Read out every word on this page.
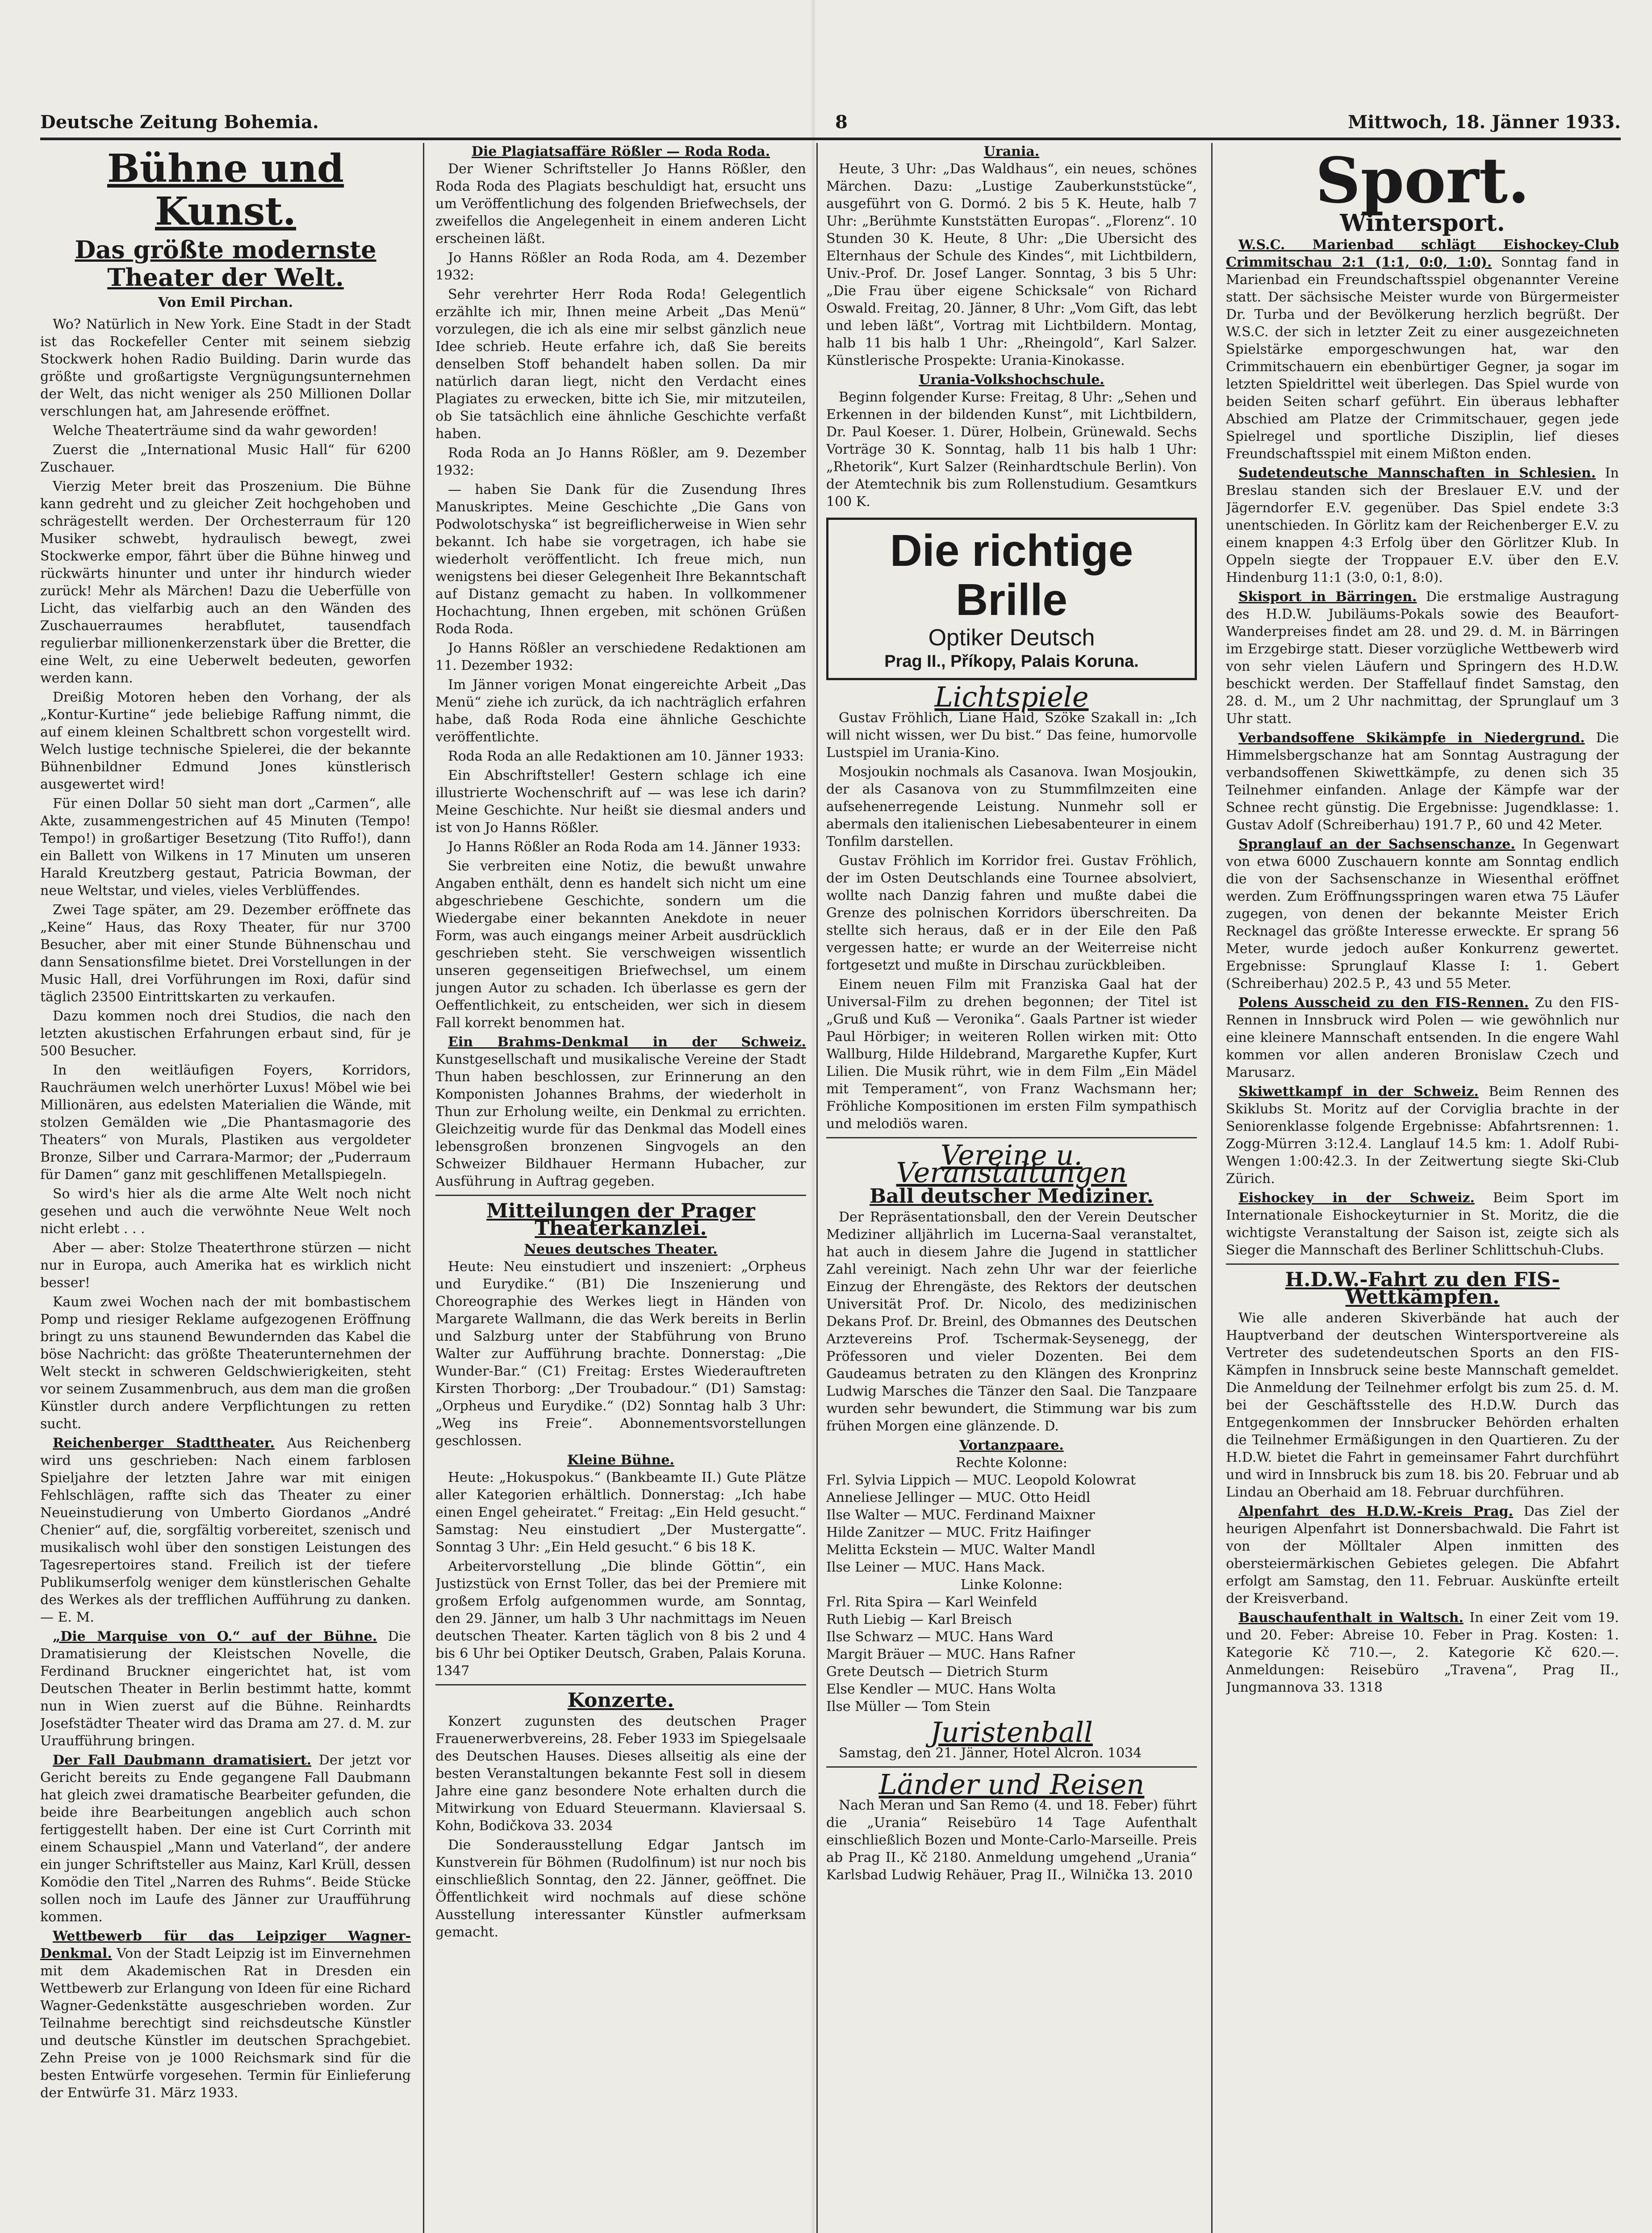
Deutsche Zeitung Bohemia.	8	Mittwoch, 18. Jänner 1933.
Bühne und Kunst.
Das größte modernste Theater der Welt.
Von Emil Pirchan.

Wo? Natürlich in New York. Eine Stadt in der Stadt ist das Rockefeller Center mit seinem siebzig Stockwerk hohen Radio Building. Darin wurde das größte und großartigste Vergnügungsunternehmen der Welt, das nicht weniger als 250 Millionen Dollar verschlungen hat, am Jahresende eröffnet.

Welche Theaterträume sind da wahr geworden!

Zuerst die „International Music Hall“ für 6200 Zuschauer.

Vierzig Meter breit das Proszenium. Die Bühne kann gedreht und zu gleicher Zeit hochgehoben und schrägestellt werden. Der Orchesterraum für 120 Musiker schwebt, hydraulisch bewegt, zwei Stockwerke empor, fährt über die Bühne hinweg und rückwärts hinunter und unter ihr hindurch wieder zurück! Mehr als Märchen! Dazu die Ueberfülle von Licht, das vielfarbig auch an den Wänden des Zuschauerraumes herabflutet, tausendfach regulierbar millionenkerzenstark über die Bretter, die eine Welt, zu eine Ueberwelt bedeuten, geworfen werden kann.

Dreißig Motoren heben den Vorhang, der als „Kontur-Kurtine“ jede beliebige Raffung nimmt, die auf einem kleinen Schaltbrett schon vorgestellt wird. Welch lustige technische Spielerei, die der bekannte Bühnenbildner Edmund Jones künstlerisch ausgewertet wird!

Für einen Dollar 50 sieht man dort „Carmen“, alle Akte, zusammengestrichen auf 45 Minuten (Tempo! Tempo!) in großartiger Besetzung (Tito Ruffo!), dann ein Ballett von Wilkens in 17 Minuten um unseren Harald Kreutzberg gestaut, Patricia Bowman, der neue Weltstar, und vieles, vieles Verblüffendes.

Zwei Tage später, am 29. Dezember eröffnete das „Keine“ Haus, das Roxy Theater, für nur 3700 Besucher, aber mit einer Stunde Bühnenschau und dann Sensationsfilme bietet. Drei Vorstellungen in der Music Hall, drei Vorführungen im Roxi, dafür sind täglich 23500 Eintrittskarten zu verkaufen.

Dazu kommen noch drei Studios, die nach den letzten akustischen Erfahrungen erbaut sind, für je 500 Besucher.

In den weitläufigen Foyers, Korridors, Rauchräumen welch unerhörter Luxus! Möbel wie bei Millionären, aus edelsten Materialien die Wände, mit stolzen Gemälden wie „Die Phantasmagorie des Theaters“ von Murals, Plastiken aus vergoldeter Bronze, Silber und Carrara-Marmor; der „Puderraum für Damen“ ganz mit geschliffenen Metallspiegeln.

So wird's hier als die arme Alte Welt noch nicht gesehen und auch die verwöhnte Neue Welt noch nicht erlebt . . .

Aber — aber: Stolze Theaterthrone stürzen — nicht nur in Europa, auch Amerika hat es wirklich nicht besser!

Kaum zwei Wochen nach der mit bombastischem Pomp und riesiger Reklame aufgezogenen Eröffnung bringt zu uns staunend Bewundernden das Kabel die böse Nachricht: das größte Theaterunternehmen der Welt steckt in schweren Geldschwierigkeiten, steht vor seinem Zusammenbruch, aus dem man die großen Künstler durch andere Verpflichtungen zu retten sucht.

Reichenberger Stadttheater. Aus Reichenberg wird uns geschrieben: Nach einem farblosen Spieljahre der letzten Jahre war mit einigen Fehlschlägen, raffte sich das Theater zu einer Neueinstudierung von Umberto Giordanos „André Chenier“ auf, die, sorgfältig vorbereitet, szenisch und musikalisch wohl über den sonstigen Leistungen des Tagesrepertoires stand. Freilich ist der tiefere Publikumserfolg weniger dem künstlerischen Gehalte des Werkes als der trefflichen Aufführung zu danken. — E. M.

„Die Marquise von O.“ auf der Bühne. Die Dramatisierung der Kleistschen Novelle, die Ferdinand Bruckner eingerichtet hat, ist vom Deutschen Theater in Berlin bestimmt hatte, kommt nun in Wien zuerst auf die Bühne. Reinhardts Josefstädter Theater wird das Drama am 27. d. M. zur Uraufführung bringen.

Der Fall Daubmann dramatisiert. Der jetzt vor Gericht bereits zu Ende gegangene Fall Daubmann hat gleich zwei dramatische Bearbeiter gefunden, die beide ihre Bearbeitungen angeblich auch schon fertiggestellt haben. Der eine ist Curt Corrinth mit einem Schauspiel „Mann und Vaterland“, der andere ein junger Schriftsteller aus Mainz, Karl Krüll, dessen Komödie den Titel „Narren des Ruhms“. Beide Stücke sollen noch im Laufe des Jänner zur Uraufführung kommen.

Wettbewerb für das Leipziger Wagner-Denkmal. Von der Stadt Leipzig ist im Einvernehmen mit dem Akademischen Rat in Dresden ein Wettbewerb zur Erlangung von Ideen für eine Richard Wagner-Gedenkstätte ausgeschrieben worden. Zur Teilnahme berechtigt sind reichsdeutsche Künstler und deutsche Künstler im deutschen Sprachgebiet. Zehn Preise von je 1000 Reichsmark sind für die besten Entwürfe vorgesehen. Termin für Einlieferung der Entwürfe 31. März 1933.

Die Plagiatsaffäre Rößler — Roda Roda.

Der Wiener Schriftsteller Jo Hanns Rößler, den Roda Roda des Plagiats beschuldigt hat, ersucht uns um Veröffentlichung des folgenden Briefwechsels, der zweifellos die Angelegenheit in einem anderen Licht erscheinen läßt.

Jo Hanns Rößler an Roda Roda, am 4. Dezember 1932:

Sehr verehrter Herr Roda Roda! Gelegentlich erzählte ich mir, Ihnen meine Arbeit „Das Menü“ vorzulegen, die ich als eine mir selbst gänzlich neue Idee schrieb. Heute erfahre ich, daß Sie bereits denselben Stoff behandelt haben sollen. Da mir natürlich daran liegt, nicht den Verdacht eines Plagiates zu erwecken, bitte ich Sie, mir mitzuteilen, ob Sie tatsächlich eine ähnliche Geschichte verfaßt haben.

Roda Roda an Jo Hanns Rößler, am 9. Dezember 1932:

— haben Sie Dank für die Zusendung Ihres Manuskriptes. Meine Geschichte „Die Gans von Podwolotschyska“ ist begreiflicherweise in Wien sehr bekannt. Ich habe sie vorgetragen, ich habe sie wiederholt veröffentlicht. Ich freue mich, nun wenigstens bei dieser Gelegenheit Ihre Bekanntschaft auf Distanz gemacht zu haben. In vollkommener Hochachtung, Ihnen ergeben, mit schönen Grüßen Roda Roda.

Jo Hanns Rößler an verschiedene Redaktionen am 11. Dezember 1932:

Im Jänner vorigen Monat eingereichte Arbeit „Das Menü“ ziehe ich zurück, da ich nachträglich erfahren habe, daß Roda Roda eine ähnliche Geschichte veröffentlichte.

Roda Roda an alle Redaktionen am 10. Jänner 1933:

Ein Abschriftsteller! Gestern schlage ich eine illustrierte Wochenschrift auf — was lese ich darin? Meine Geschichte. Nur heißt sie diesmal anders und ist von Jo Hanns Rößler.

Jo Hanns Rößler an Roda Roda am 14. Jänner 1933:

Sie verbreiten eine Notiz, die bewußt unwahre Angaben enthält, denn es handelt sich nicht um eine abgeschriebene Geschichte, sondern um die Wiedergabe einer bekannten Anekdote in neuer Form, was auch eingangs meiner Arbeit ausdrücklich geschrieben steht. Sie verschweigen wissentlich unseren gegenseitigen Briefwechsel, um einem jungen Autor zu schaden. Ich überlasse es gern der Oeffentlichkeit, zu entscheiden, wer sich in diesem Fall korrekt benommen hat.

Ein Brahms-Denkmal in der Schweiz. Kunstgesellschaft und musikalische Vereine der Stadt Thun haben beschlossen, zur Erinnerung an den Komponisten Johannes Brahms, der wiederholt in Thun zur Erholung weilte, ein Denkmal zu errichten. Gleichzeitig wurde für das Denkmal das Modell eines lebensgroßen bronzenen Singvogels an den Schweizer Bildhauer Hermann Hubacher, zur Ausführung in Auftrag gegeben.

Mitteilungen der Prager Theaterkanzlei.
Neues deutsches Theater.

Heute: Neu einstudiert und inszeniert: „Orpheus und Eurydike.“ (B1) Die Inszenierung und Choreographie des Werkes liegt in Händen von Margarete Wallmann, die das Werk bereits in Berlin und Salzburg unter der Stabführung von Bruno Walter zur Aufführung brachte. Donnerstag: „Die Wunder-Bar.“ (C1) Freitag: Erstes Wiederauftreten Kirsten Thorborg: „Der Troubadour.“ (D1) Samstag: „Orpheus und Eurydike.“ (D2) Sonntag halb 3 Uhr: „Weg ins Freie“. Abonnementsvorstellungen geschlossen.

Kleine Bühne.

Heute: „Hokuspokus.“ (Bankbeamte II.) Gute Plätze aller Kategorien erhältlich. Donnerstag: „Ich habe einen Engel geheiratet.“ Freitag: „Ein Held gesucht.“ Samstag: Neu einstudiert „Der Mustergatte“. Sonntag 3 Uhr: „Ein Held gesucht.“ 6 bis 18 K.

Arbeitervorstellung „Die blinde Göttin“, ein Justizstück von Ernst Toller, das bei der Premiere mit großem Erfolg aufgenommen wurde, am Sonntag, den 29. Jänner, um halb 3 Uhr nachmittags im Neuen deutschen Theater. Karten täglich von 8 bis 2 und 4 bis 6 Uhr bei Optiker Deutsch, Graben, Palais Koruna. 1347

Konzerte.

Konzert zugunsten des deutschen Prager Frauenerwerbvereins, 28. Feber 1933 im Spiegelsaale des Deutschen Hauses. Dieses allseitig als eine der besten Veranstaltungen bekannte Fest soll in diesem Jahre eine ganz besondere Note erhalten durch die Mitwirkung von Eduard Steuermann. Klaviersaal S. Kohn, Bodičkova 33. 2034

Die Sonderausstellung Edgar Jantsch im Kunstverein für Böhmen (Rudolfinum) ist nur noch bis einschließlich Sonntag, den 22. Jänner, geöffnet. Die Öffentlichkeit wird nochmals auf diese schöne Ausstellung interessanter Künstler aufmerksam gemacht.

Urania.

Heute, 3 Uhr: „Das Waldhaus“, ein neues, schönes Märchen. Dazu: „Lustige Zauberkunststücke“, ausgeführt von G. Dormó. 2 bis 5 K. Heute, halb 7 Uhr: „Berühmte Kunststätten Europas“. „Florenz“. 10 Stunden 30 K. Heute, 8 Uhr: „Die Ubersicht des Elternhaus der Schule des Kindes“, mit Lichtbildern, Univ.-Prof. Dr. Josef Langer. Sonntag, 3 bis 5 Uhr: „Die Frau über eigene Schicksale“ von Richard Oswald. Freitag, 20. Jänner, 8 Uhr: „Vom Gift, das lebt und leben läßt“, Vortrag mit Lichtbildern. Montag, halb 11 bis halb 1 Uhr: „Rheingold“, Karl Salzer. Künstlerische Prospekte: Urania-Kinokasse.

Urania-Volkshochschule.

Beginn folgender Kurse: Freitag, 8 Uhr: „Sehen und Erkennen in der bildenden Kunst“, mit Lichtbildern, Dr. Paul Koeser. 1. Dürer, Holbein, Grünewald. Sechs Vorträge 30 K. Sonntag, halb 11 bis halb 1 Uhr: „Rhetorik“, Kurt Salzer (Reinhardtschule Berlin). Von der Atemtechnik bis zum Rollenstudium. Gesamtkurs 100 K.

Die richtige Brille
Optiker Deutsch
Prag II., Příkopy, Palais Koruna.
Lichtspiele

Gustav Fröhlich, Liane Haid, Szöke Szakall in: „Ich will nicht wissen, wer Du bist.“ Das feine, humorvolle Lustspiel im Urania-Kino.

Mosjoukin nochmals als Casanova. Iwan Mosjoukin, der als Casanova von zu Stummfilmzeiten eine aufsehenerregende Leistung. Nunmehr soll er abermals den italienischen Liebesabenteurer in einem Tonfilm darstellen.

Gustav Fröhlich im Korridor frei. Gustav Fröhlich, der im Osten Deutschlands eine Tournee absolviert, wollte nach Danzig fahren und mußte dabei die Grenze des polnischen Korridors überschreiten. Da stellte sich heraus, daß er in der Eile den Paß vergessen hatte; er wurde an der Weiterreise nicht fortgesetzt und mußte in Dirschau zurückbleiben.

Einem neuen Film mit Franziska Gaal hat der Universal-Film zu drehen begonnen; der Titel ist „Gruß und Kuß — Veronika“. Gaals Partner ist wieder Paul Hörbiger; in weiteren Rollen wirken mit: Otto Wallburg, Hilde Hildebrand, Margarethe Kupfer, Kurt Lilien. Die Musik rührt, wie in dem Film „Ein Mädel mit Temperament“, von Franz Wachsmann her; Fröhliche Kompositionen im ersten Film sympathisch und melodiös waren.

Vereine u. Veranstaltungen
Ball deutscher Mediziner.

Der Repräsentationsball, den der Verein Deutscher Mediziner alljährlich im Lucerna-Saal veranstaltet, hat auch in diesem Jahre die Jugend in stattlicher Zahl vereinigt. Nach zehn Uhr war der feierliche Einzug der Ehrengäste, des Rektors der deutschen Universität Prof. Dr. Nicolo, des medizinischen Dekans Prof. Dr. Breinl, des Obmannes des Deutschen Arztevereins Prof. Tschermak-Seysenegg, der Pröfessoren und vieler Dozenten. Bei dem Gaudeamus betraten zu den Klängen des Kronprinz Ludwig Marsches die Tänzer den Saal. Die Tanzpaare wurden sehr bewundert, die Stimmung war bis zum frühen Morgen eine glänzende. D.

Vortanzpaare.
Rechte Kolonne:
Frl. Sylvia Lippich — MUC. Leopold Kolowrat
Anneliese Jellinger — MUC. Otto Heidl
Ilse Walter — MUC. Ferdinand Maixner
Hilde Zanitzer — MUC. Fritz Haifinger
Melitta Eckstein — MUC. Walter Mandl
Ilse Leiner — MUC. Hans Mack.
Linke Kolonne:
Frl. Rita Spira — Karl Weinfeld
Ruth Liebig — Karl Breisch
Ilse Schwarz — MUC. Hans Ward
Margit Bräuer — MUC. Hans Rafner
Grete Deutsch — Dietrich Sturm
Else Kendler — MUC. Hans Wolta
Ilse Müller — Tom Stein
Juristenball

Samstag, den 21. Jänner, Hotel Alcron. 1034

Länder und Reisen

Nach Meran und San Remo (4. und 18. Feber) führt die „Urania“ Reisebüro 14 Tage Aufenthalt einschließlich Bozen und Monte-Carlo-Marseille. Preis ab Prag II., Kč 2180. Anmeldung umgehend „Urania“ Karlsbad Ludwig Rehäuer, Prag II., Wilnička 13. 2010

Sport.
Wintersport.

W.S.C. Marienbad schlägt Eishockey-Club Crimmitschau 2:1 (1:1, 0:0, 1:0). Sonntag fand in Marienbad ein Freundschaftsspiel obgenannter Vereine statt. Der sächsische Meister wurde von Bürgermeister Dr. Turba und der Bevölkerung herzlich begrüßt. Der W.S.C. der sich in letzter Zeit zu einer ausgezeichneten Spielstärke emporgeschwungen hat, war den Crimmitschauern ein ebenbürtiger Gegner, ja sogar im letzten Spieldrittel weit überlegen. Das Spiel wurde von beiden Seiten scharf geführt. Ein überaus lebhafter Abschied am Platze der Crimmitschauer, gegen jede Spielregel und sportliche Disziplin, lief dieses Freundschaftsspiel mit einem Mißton enden.

Sudetendeutsche Mannschaften in Schlesien. In Breslau standen sich der Breslauer E.V. und der Jägerndorfer E.V. gegenüber. Das Spiel endete 3:3 unentschieden. In Görlitz kam der Reichenberger E.V. zu einem knappen 4:3 Erfolg über den Görlitzer Klub. In Oppeln siegte der Troppauer E.V. über den E.V. Hindenburg 11:1 (3:0, 0:1, 8:0).

Skisport in Bärringen. Die erstmalige Austragung des H.D.W. Jubiläums-Pokals sowie des Beaufort-Wanderpreises findet am 28. und 29. d. M. in Bärringen im Erzgebirge statt. Dieser vorzügliche Wettbewerb wird von sehr vielen Läufern und Springern des H.D.W. beschickt werden. Der Staffellauf findet Samstag, den 28. d. M., um 2 Uhr nachmittag, der Sprunglauf um 3 Uhr statt.

Verbandsoffene Skikämpfe in Niedergrund. Die Himmelsbergschanze hat am Sonntag Austragung der verbandsoffenen Skiwettkämpfe, zu denen sich 35 Teilnehmer einfanden. Anlage der Kämpfe war der Schnee recht günstig. Die Ergebnisse: Jugendklasse: 1. Gustav Adolf (Schreiberhau) 191.7 P., 60 und 42 Meter.

Spranglauf an der Sachsenschanze. In Gegenwart von etwa 6000 Zuschauern konnte am Sonntag endlich die von der Sachsenschanze in Wiesenthal eröffnet werden. Zum Eröffnungsspringen waren etwa 75 Läufer zugegen, von denen der bekannte Meister Erich Recknagel das größte Interesse erweckte. Er sprang 56 Meter, wurde jedoch außer Konkurrenz gewertet. Ergebnisse: Sprunglauf Klasse I: 1. Gebert (Schreiberhau) 202.5 P., 43 und 55 Meter.

Polens Ausscheid zu den FIS-Rennen. Zu den FIS-Rennen in Innsbruck wird Polen — wie gewöhnlich nur eine kleinere Mannschaft entsenden. In die engere Wahl kommen vor allen anderen Bronislaw Czech und Marusarz.

Skiwettkampf in der Schweiz. Beim Rennen des Skiklubs St. Moritz auf der Corviglia brachte in der Seniorenklasse folgende Ergebnisse: Abfahrtsrennen: 1. Zogg-Mürren 3:12.4. Langlauf 14.5 km: 1. Adolf Rubi-Wengen 1:00:42.3. In der Zeitwertung siegte Ski-Club Zürich.

Eishockey in der Schweiz. Beim Sport im Internationale Eishockeyturnier in St. Moritz, die die wichtigste Veranstaltung der Saison ist, zeigte sich als Sieger die Mannschaft des Berliner Schlittschuh-Clubs.

H.D.W.-Fahrt zu den FIS-Wettkämpfen.

Wie alle anderen Skiverbände hat auch der Hauptverband der deutschen Wintersportvereine als Vertreter des sudetendeutschen Sports an den FIS-Kämpfen in Innsbruck seine beste Mannschaft gemeldet. Die Anmeldung der Teilnehmer erfolgt bis zum 25. d. M. bei der Geschäftsstelle des H.D.W. Durch das Entgegenkommen der Innsbrucker Behörden erhalten die Teilnehmer Ermäßigungen in den Quartieren. Zu der H.D.W. bietet die Fahrt in gemeinsamer Fahrt durchführt und wird in Innsbruck bis zum 18. bis 20. Februar und ab Lindau an Oberhaid am 18. Februar durchführen.

Alpenfahrt des H.D.W.-Kreis Prag. Das Ziel der heurigen Alpenfahrt ist Donnersbachwald. Die Fahrt ist von der Mölltaler Alpen inmitten des obersteiermärkischen Gebietes gelegen. Die Abfahrt erfolgt am Samstag, den 11. Februar. Auskünfte erteilt der Kreisverband.

Bauschaufenthalt in Waltsch. In einer Zeit vom 19. und 20. Feber: Abreise 10. Feber in Prag. Kosten: 1. Kategorie Kč 710.—, 2. Kategorie Kč 620.—. Anmeldungen: Reisebüro „Travena“, Prag II., Jungmannova 33. 1318
